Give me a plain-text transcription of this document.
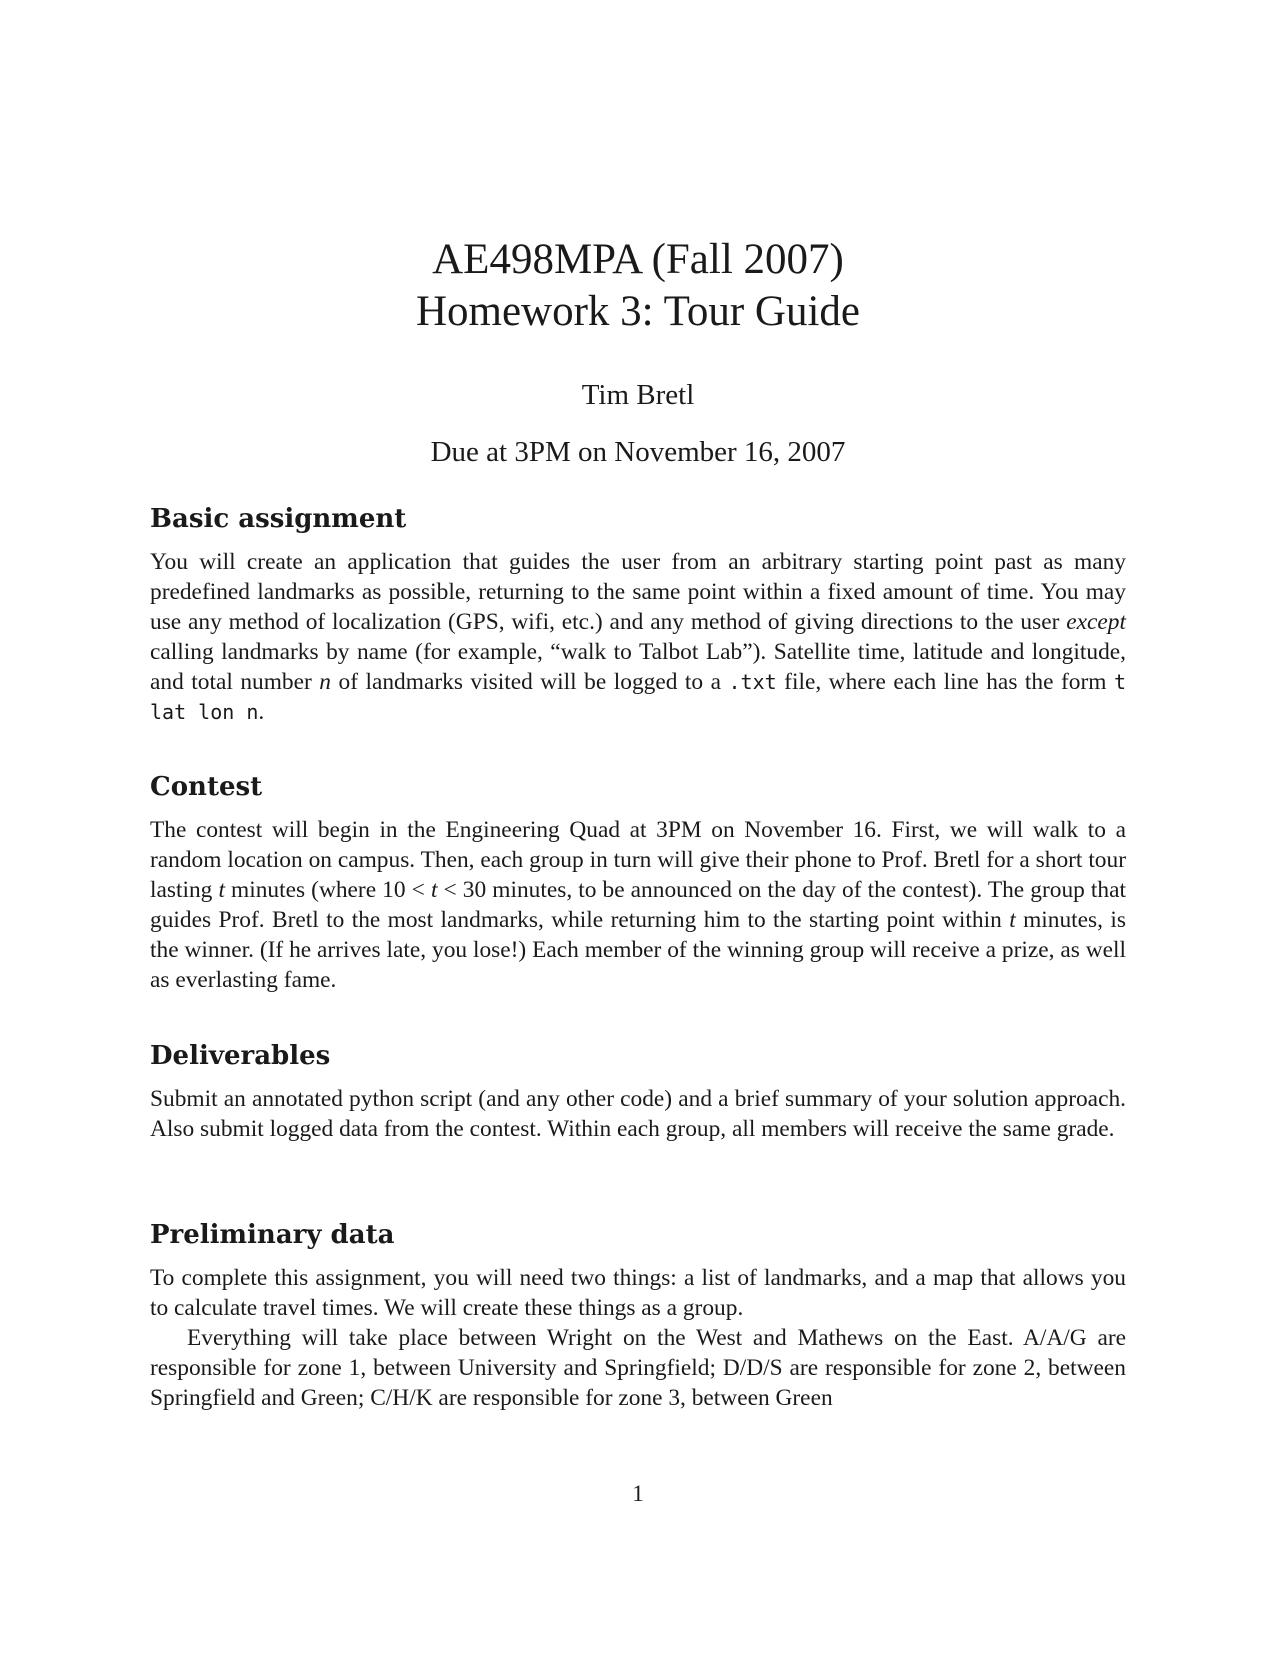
AE498MPA (Fall 2007)
Homework 3: Tour Guide
Tim Bretl
Due at 3PM on November 16, 2007
Basic assignment

You will create an application that guides the user from an arbitrary starting point past as many predefined landmarks as possible, returning to the same point within a fixed amount of time. You may use any method of localization (GPS, wifi, etc.) and any method of giving directions to the user except calling landmarks by name (for example, “walk to Talbot Lab”). Satellite time, latitude and longitude, and total number n of landmarks visited will be logged to a .txt file, where each line has the form t lat lon n.

Contest

The contest will begin in the Engineering Quad at 3PM on November 16. First, we will walk to a random location on campus. Then, each group in turn will give their phone to Prof. Bretl for a short tour lasting t minutes (where 10 < t < 30 minutes, to be announced on the day of the contest). The group that guides Prof. Bretl to the most landmarks, while returning him to the starting point within t minutes, is the winner. (If he arrives late, you lose!) Each member of the winning group will receive a prize, as well as everlasting fame.

Deliverables

Submit an annotated python script (and any other code) and a brief summary of your solution approach. Also submit logged data from the contest. Within each group, all members will receive the same grade.

Preliminary data

To complete this assignment, you will need two things: a list of landmarks, and a map that allows you to calculate travel times. We will create these things as a group.

Everything will take place between Wright on the West and Mathews on the East. A/A/G are responsible for zone 1, between University and Springfield; D/D/S are responsible for zone 2, between Springfield and Green; C/H/K are responsible for zone 3, between Green

1
